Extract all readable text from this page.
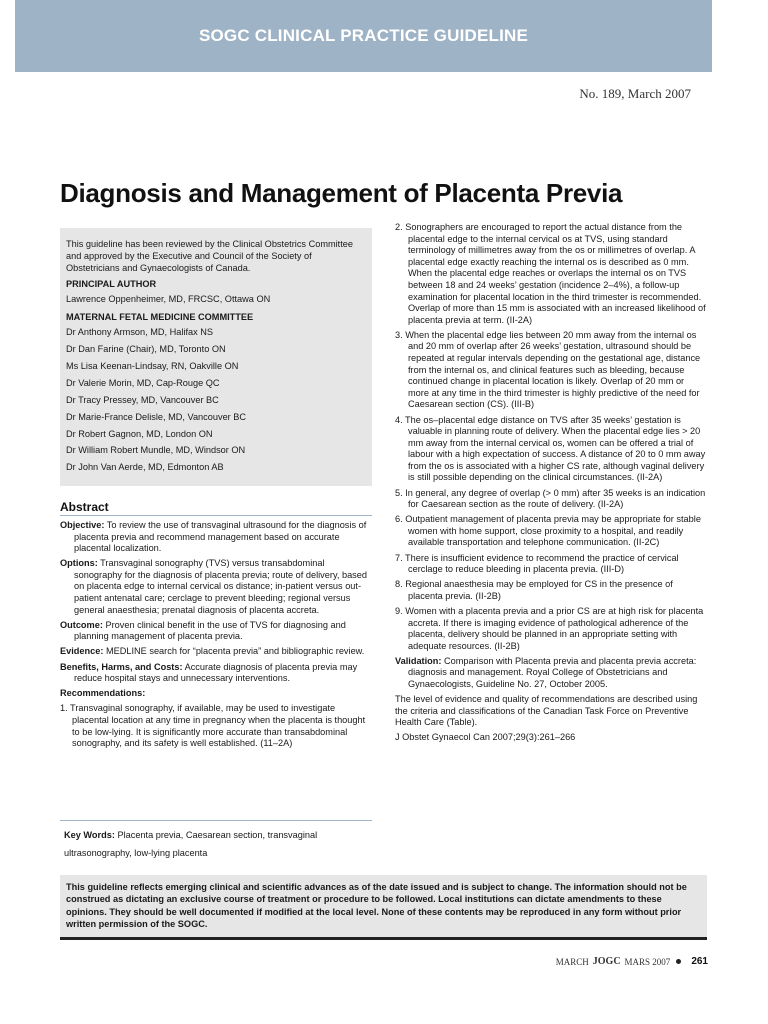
SOGC CLINICAL PRACTICE GUIDELINE
No. 189, March 2007
Diagnosis and Management of Placenta Previa

This guideline has been reviewed by the Clinical Obstetrics Committee and approved by the Executive and Council of the Society of Obstetricians and Gynaecologists of Canada.

PRINCIPAL AUTHOR

Lawrence Oppenheimer, MD, FRCSC, Ottawa ON

MATERNAL FETAL MEDICINE COMMITTEE

Dr Anthony Armson, MD, Halifax NS

Dr Dan Farine (Chair), MD, Toronto ON

Ms Lisa Keenan-Lindsay, RN, Oakville ON

Dr Valerie Morin, MD, Cap-Rouge QC

Dr Tracy Pressey, MD, Vancouver BC

Dr Marie-France Delisle, MD, Vancouver BC

Dr Robert Gagnon, MD, London ON

Dr William Robert Mundle, MD, Windsor ON

Dr John Van Aerde, MD, Edmonton AB

Abstract

Objective: To review the use of transvaginal ultrasound for the diagnosis of placenta previa and recommend management based on accurate placental localization.

Options: Transvaginal sonography (TVS) versus transabdominal sonography for the diagnosis of placenta previa; route of delivery, based on placenta edge to internal cervical os distance; in-patient versus out-patient antenatal care; cerclage to prevent bleeding; regional versus general anaesthesia; prenatal diagnosis of placenta accreta.

Outcome: Proven clinical benefit in the use of TVS for diagnosing and planning management of placenta previa.

Evidence: MEDLINE search for “placenta previa” and bibliographic review.

Benefits, Harms, and Costs: Accurate diagnosis of placenta previa may reduce hospital stays and unnecessary interventions.

Recommendations:

1. Transvaginal sonography, if available, may be used to investigate placental location at any time in pregnancy when the placenta is thought to be low-lying. It is significantly more accurate than transabdominal sonography, and its safety is well established. (11–2A)

Key Words: Placenta previa, Caesarean section, transvaginal ultrasonography, low-lying placenta

2. Sonographers are encouraged to report the actual distance from the placental edge to the internal cervical os at TVS, using standard terminology of millimetres away from the os or millimetres of overlap. A placental edge exactly reaching the internal os is described as 0 mm. When the placental edge reaches or overlaps the internal os on TVS between 18 and 24 weeks’ gestation (incidence 2–4%), a follow-up examination for placental location in the third trimester is recommended. Overlap of more than 15 mm is associated with an increased likelihood of placenta previa at term. (II-2A)

3. When the placental edge lies between 20 mm away from the internal os and 20 mm of overlap after 26 weeks’ gestation, ultrasound should be repeated at regular intervals depending on the gestational age, distance from the internal os, and clinical features such as bleeding, because continued change in placental location is likely. Overlap of 20 mm or more at any time in the third trimester is highly predictive of the need for Caesarean section (CS). (III-B)

4. The os–placental edge distance on TVS after 35 weeks’ gestation is valuable in planning route of delivery. When the placental edge lies > 20 mm away from the internal cervical os, women can be offered a trial of labour with a high expectation of success. A distance of 20 to 0 mm away from the os is associated with a higher CS rate, although vaginal delivery is still possible depending on the clinical circumstances. (II-2A)

5. In general, any degree of overlap (> 0 mm) after 35 weeks is an indication for Caesarean section as the route of delivery. (II-2A)

6. Outpatient management of placenta previa may be appropriate for stable women with home support, close proximity to a hospital, and readily available transportation and telephone communication. (II-2C)

7. There is insufficient evidence to recommend the practice of cervical cerclage to reduce bleeding in placenta previa. (III-D)

8. Regional anaesthesia may be employed for CS in the presence of placenta previa. (II-2B)

9. Women with a placenta previa and a prior CS are at high risk for placenta accreta. If there is imaging evidence of pathological adherence of the placenta, delivery should be planned in an appropriate setting with adequate resources. (II-2B)

Validation: Comparison with Placenta previa and placenta previa accreta: diagnosis and management. Royal College of Obstetricians and Gynaecologists, Guideline No. 27, October 2005.

The level of evidence and quality of recommendations are described using the criteria and classifications of the Canadian Task Force on Preventive Health Care (Table).

J Obstet Gynaecol Can 2007;29(3):261–266

This guideline reflects emerging clinical and scientific advances as of the date issued and is subject to change. The information should not be construed as dictating an exclusive course of treatment or procedure to be followed. Local institutions can dictate amendments to these opinions. They should be well documented if modified at the local level. None of these contents may be reproduced in any form without prior written permission of the SOGC.
MARCH JOGC MARS 2007 261
